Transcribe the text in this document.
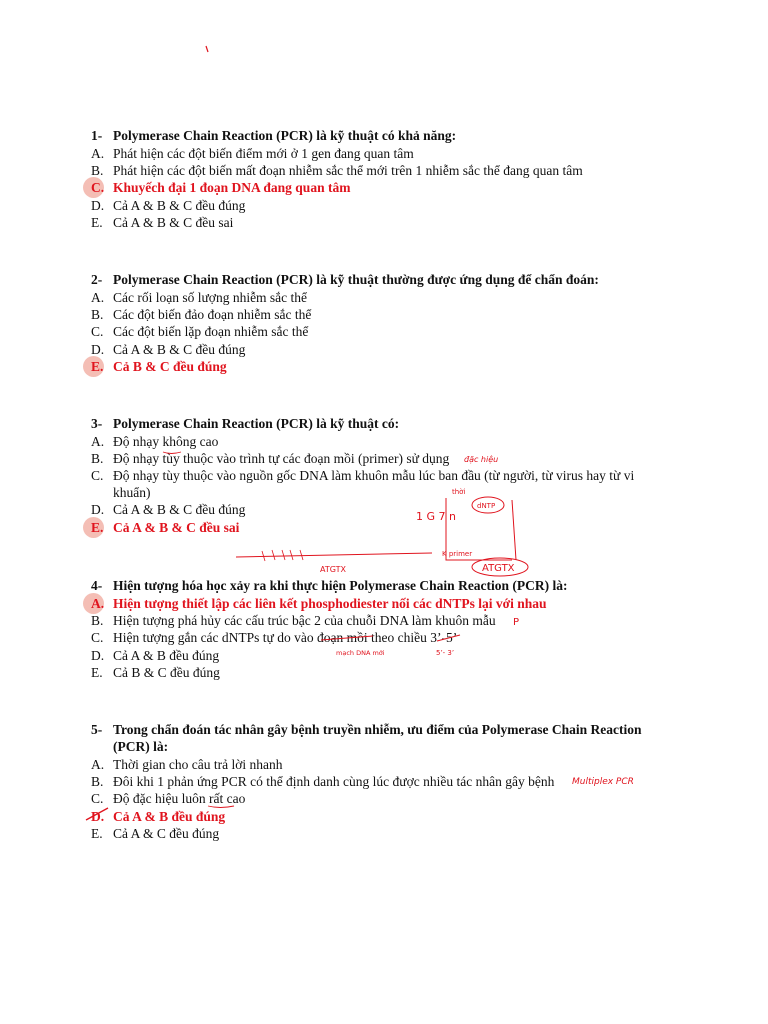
1- Polymerase Chain Reaction (PCR) là kỹ thuật có khả năng:
A. Phát hiện các đột biến điểm mới ở 1 gen đang quan tâm
B. Phát hiện các đột biến mất đoạn nhiễm sắc thể mới trên 1 nhiễm sắc thể đang quan tâm
C. Khuyếch đại 1 đoạn DNA đang quan tâm
D. Cả A & B & C đều đúng
E. Cả A & B & C đều sai
2- Polymerase Chain Reaction (PCR) là kỹ thuật thường được ứng dụng để chẩn đoán:
A. Các rối loạn số lượng nhiễm sắc thể
B. Các đột biến đảo đoạn nhiễm sắc thể
C. Các đột biến lặp đoạn nhiễm sắc thể
D. Cả A & B & C đều đúng
E. Cả B & C đều đúng
3- Polymerase Chain Reaction (PCR) là kỹ thuật có:
A. Độ nhạy không cao
B. Độ nhạy tùy thuộc vào trình tự các đoạn mồi (primer) sử dụng
C. Độ nhạy tùy thuộc vào nguồn gốc DNA làm khuôn mẫu lúc ban đầu (từ người, từ virus hay từ vi khuẩn)
D. Cả A & B & C đều đúng
E. Cả A & B & C đều sai
4- Hiện tượng hóa học xảy ra khi thực hiện Polymerase Chain Reaction (PCR) là:
A. Hiện tượng thiết lập các liên kết phosphodiester nối các dNTPs lại với nhau
B. Hiện tượng phá hủy các cấu trúc bậc 2 của chuỗi DNA làm khuôn mẫu
C. Hiện tượng gắn các dNTPs tự do vào đoạn mồi theo chiều 3’-5’
D. Cả A & B đều đúng
E. Cả B & C đều đúng
5- Trong chẩn đoán tác nhân gây bệnh truyền nhiễm, ưu điểm của Polymerase Chain Reaction (PCR) là:
A. Thời gian cho câu trả lời nhanh
B. Đôi khi 1 phản ứng PCR có thể định danh cùng lúc được nhiều tác nhân gây bệnh
C. Độ đặc hiệu luôn rất cao
D. Cả A & B đều đúng
E. Cả A & C đều đúng
đặc hiệu
1 G 7 n
thời
dNTP
K primer
ATGTX
ATGTX
P
mạch DNA mới	5’- 3’
Multiplex PCR
